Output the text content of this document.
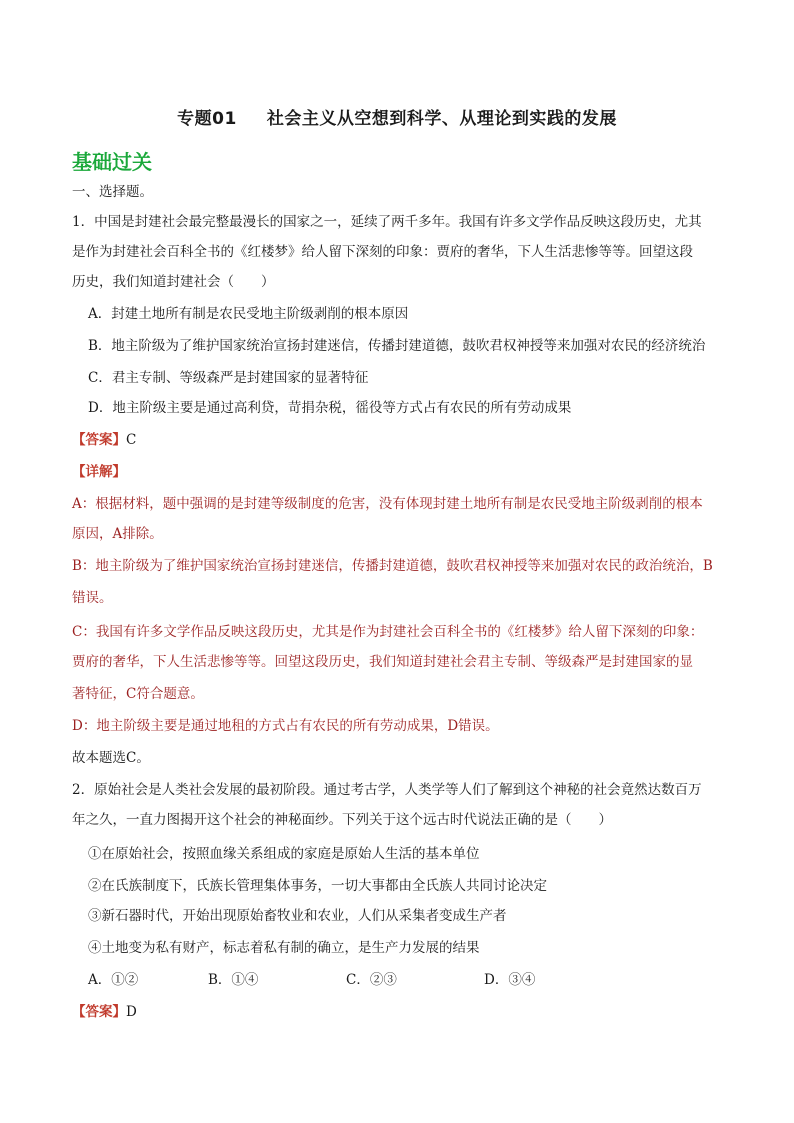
专题01 社会主义从空想到科学、从理论到实践的发展
基础过关
一、选择题。
1．中国是封建社会最完整最漫长的国家之一，延续了两千多年。我国有许多文学作品反映这段历史，尤其
是作为封建社会百科全书的《红楼梦》给人留下深刻的印象：贾府的奢华，下人生活悲惨等等。回望这段
历史，我们知道封建社会（　　）
A．封建土地所有制是农民受地主阶级剥削的根本原因
B．地主阶级为了维护国家统治宣扬封建迷信，传播封建道德，鼓吹君权神授等来加强对农民的经济统治
C．君主专制、等级森严是封建国家的显著特征
D．地主阶级主要是通过高利贷，苛捐杂税，徭役等方式占有农民的所有劳动成果
【答案】C
【详解】
A：根据材料，题中强调的是封建等级制度的危害，没有体现封建土地所有制是农民受地主阶级剥削的根本
原因，A排除。
B：地主阶级为了维护国家统治宣扬封建迷信，传播封建道德，鼓吹君权神授等来加强对农民的政治统治，B
错误。
C：我国有许多文学作品反映这段历史，尤其是作为封建社会百科全书的《红楼梦》给人留下深刻的印象：
贾府的奢华，下人生活悲惨等等。回望这段历史，我们知道封建社会君主专制、等级森严是封建国家的显
著特征，C符合题意。
D：地主阶级主要是通过地租的方式占有农民的所有劳动成果，D错误。
故本题选C。
2．原始社会是人类社会发展的最初阶段。通过考古学，人类学等人们了解到这个神秘的社会竟然达数百万
年之久，一直力图揭开这个社会的神秘面纱。下列关于这个远古时代说法正确的是（　　）
①在原始社会，按照血缘关系组成的家庭是原始人生活的基本单位
②在氏族制度下，氏族长管理集体事务，一切大事都由全氏族人共同讨论决定
③新石器时代，开始出现原始畜牧业和农业，人们从采集者变成生产者
④土地变为私有财产，标志着私有制的确立，是生产力发展的结果
A．①②	B．①④	C．②③	D．③④
【答案】D
